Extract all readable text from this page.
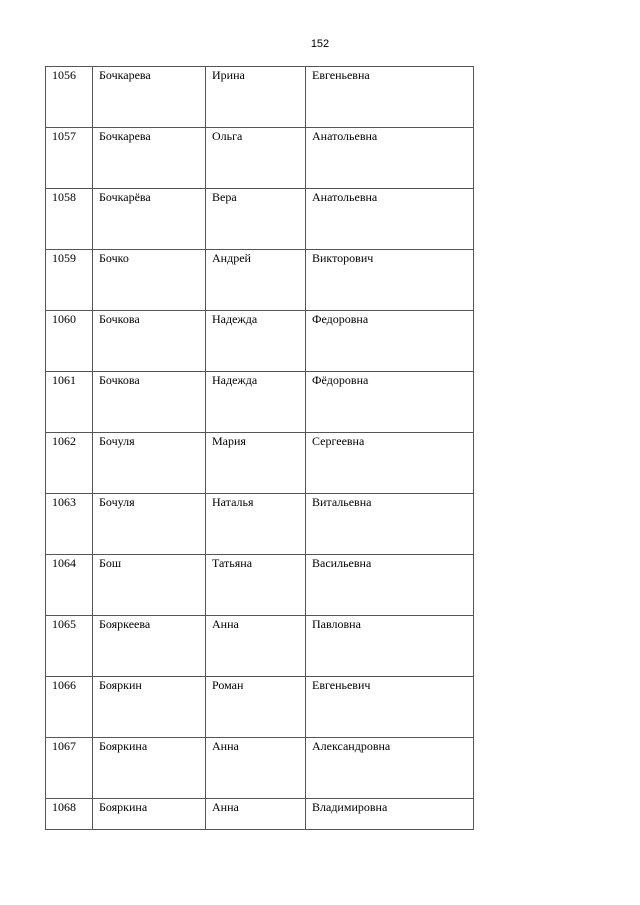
152
1056	Бочкарева	Ирина	Евгеньевна
1057	Бочкарева	Ольга	Анатольевна
1058	Бочкарёва	Вера	Анатольевна
1059	Бочко	Андрей	Викторович
1060	Бочкова	Надежда	Федоровна
1061	Бочкова	Надежда	Фёдоровна
1062	Бочуля	Мария	Сергеевна
1063	Бочуля	Наталья	Витальевна
1064	Бош	Татьяна	Васильевна
1065	Бояркеева	Анна	Павловна
1066	Бояркин	Роман	Евгеньевич
1067	Бояркина	Анна	Александровна
1068	Бояркина	Анна	Владимировна
